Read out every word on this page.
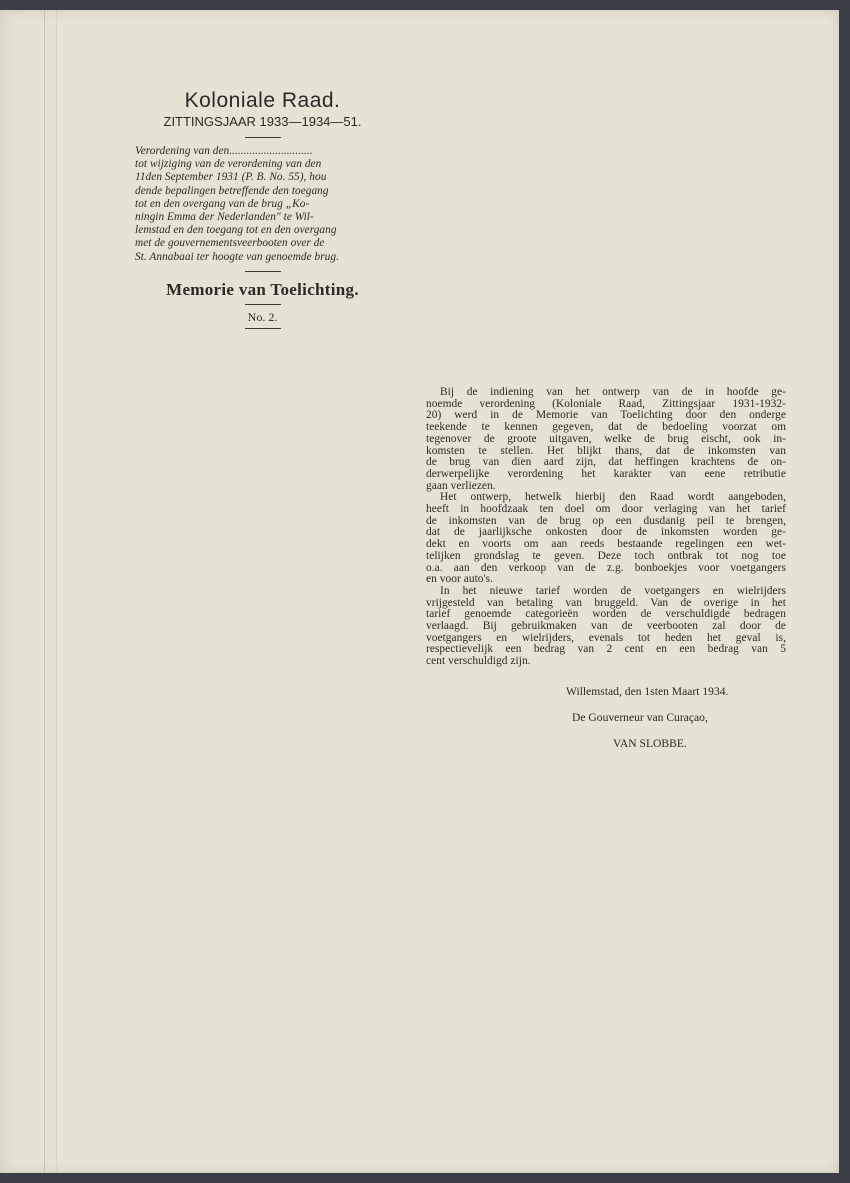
Koloniale Raad.
ZITTINGSJAAR 1933—1934—51.
Verordening van den.............................
tot wijziging van de verordening van den
11den September 1931 (P. B. No. 55), hou
dende bepalingen betreffende den toegang
tot en den overgang van de brug „Ko-
ningin Emma der Nederlanden" te Wil-
lemstad en den toegang tot en den overgang
met de gouvernementsveerbooten over de
St. Annabaai ter hoogte van genoemde brug.
Memorie van Toelichting.
No. 2.
Bij de indiening van het ontwerp van de in hoofde ge-
noemde verordening (Koloniale Raad, Zittingsjaar 1931-1932-
20) werd in de Memorie van Toelichting door den onderge
teekende te kennen gegeven, dat de bedoeling voorzat om
tegenover de groote uitgaven, welke de brug eischt, ook in-
komsten te stellen. Het blijkt thans, dat de inkomsten van
de brug van dien aard zijn, dat heffingen krachtens de on-
derwerpelijke verordening het karakter van eene retributie
gaan verliezen.
Het ontwerp, hetwelk hierbij den Raad wordt aangeboden,
heeft in hoofdzaak ten doel om door verlaging van het tarief
de inkomsten van de brug op een dusdanig peil te brengen,
dat de jaarlijksche onkosten door de inkomsten worden ge-
dekt en voorts om aan reeds bestaande regelingen een wet-
telijken grondslag te geven. Deze toch ontbrak tot nog toe
o.a. aan den verkoop van de z.g. bonboekjes voor voetgangers
en voor auto's.
In het nieuwe tarief worden de voetgangers en wielrijders
vrijgesteld van betaling van bruggeld. Van de overige in het
tarief genoemde categorieën worden de verschuldigde bedragen
verlaagd. Bij gebruikmaken van de veerbooten zal door de
voetgangers en wielrijders, evenals tot heden het geval is,
respectievelijk een bedrag van 2 cent en een bedrag van 5
cent verschuldigd zijn.
Willemstad, den 1sten Maart 1934.
De Gouverneur van Curaçao,
VAN SLOBBE.
